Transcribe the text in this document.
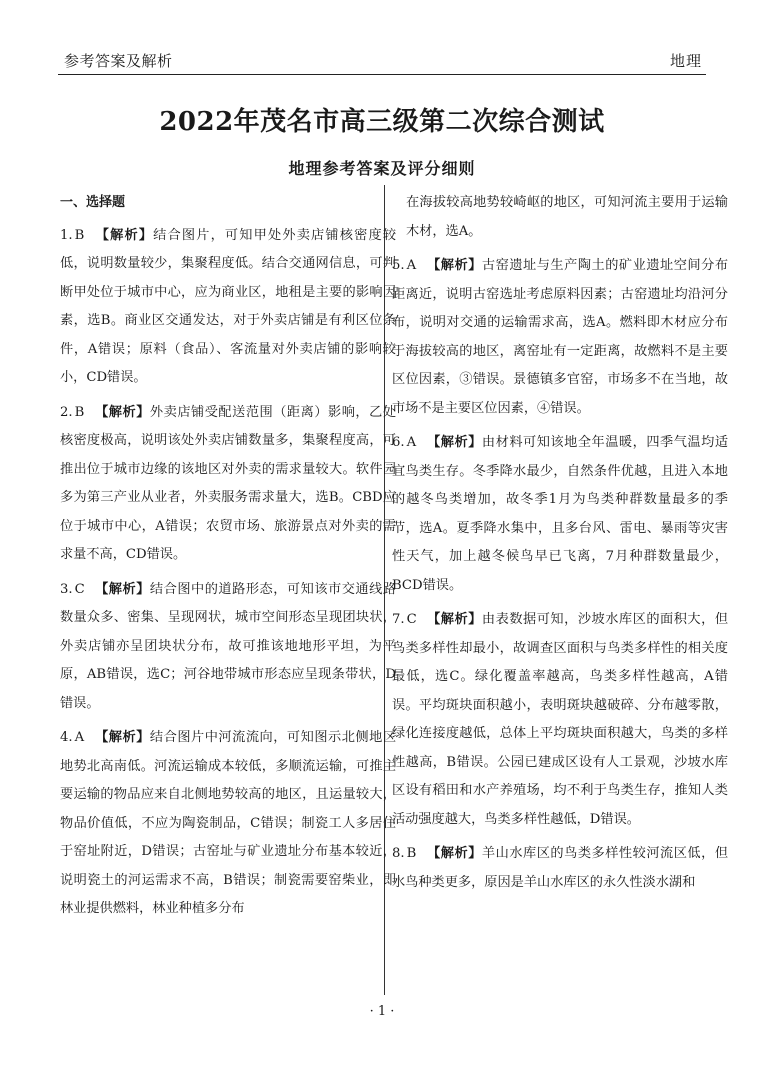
参考答案及解析	地理
2022年茂名市高三级第二次综合测试
地理参考答案及评分细则
一、选择题
1. B 【解析】结合图片，可知甲处外卖店铺核密度较低，说明数量较少，集聚程度低。结合交通网信息，可判断甲处位于城市中心，应为商业区，地租是主要的影响因素，选B。商业区交通发达，对于外卖店铺是有利区位条件，A错误；原料（食品）、客流量对外卖店铺的影响较小，CD错误。
2. B 【解析】外卖店铺受配送范围（距离）影响，乙处核密度极高，说明该处外卖店铺数量多，集聚程度高，可推出位于城市边缘的该地区对外卖的需求量较大。软件园多为第三产业从业者，外卖服务需求量大，选B。CBD应位于城市中心，A错误；农贸市场、旅游景点对外卖的需求量不高，CD错误。
3. C 【解析】结合图中的道路形态，可知该市交通线路数量众多、密集、呈现网状，城市空间形态呈现团块状，外卖店铺亦呈团块状分布，故可推该地地形平坦，为平原，AB错误，选C；河谷地带城市形态应呈现条带状，D错误。
4. A 【解析】结合图片中河流流向，可知图示北侧地区地势北高南低。河流运输成本较低，多顺流运输，可推主要运输的物品应来自北侧地势较高的地区，且运量较大，物品价值低，不应为陶瓷制品，C错误；制瓷工人多居住于窑址附近，D错误；古窑址与矿业遗址分布基本较近，说明瓷土的河运需求不高，B错误；制瓷需要窑柴业，即林业提供燃料，林业种植多分布
在海拔较高地势较崎岖的地区，可知河流主要用于运输木材，选A。
5. A 【解析】古窑遗址与生产陶土的矿业遗址空间分布距离近，说明古窑选址考虑原料因素；古窑遗址均沿河分布，说明对交通的运输需求高，选A。燃料即木材应分布于海拔较高的地区，离窑址有一定距离，故燃料不是主要区位因素，③错误。景德镇多官窑，市场多不在当地，故市场不是主要区位因素，④错误。
6. A 【解析】由材料可知该地全年温暖，四季气温均适宜鸟类生存。冬季降水最少，自然条件优越，且进入本地的越冬鸟类增加，故冬季1月为鸟类种群数量最多的季节，选A。夏季降水集中，且多台风、雷电、暴雨等灾害性天气，加上越冬候鸟早已飞离，7月种群数量最少，BCD错误。
7. C 【解析】由表数据可知，沙坡水库区的面积大，但鸟类多样性却最小，故调查区面积与鸟类多样性的相关度最低，选C。绿化覆盖率越高，鸟类多样性越高，A错误。平均斑块面积越小，表明斑块越破碎、分布越零散，绿化连接度越低，总体上平均斑块面积越大，鸟类的多样性越高，B错误。公园已建成区设有人工景观，沙坡水库区设有稻田和水产养殖场，均不利于鸟类生存，推知人类活动强度越大，鸟类多样性越低，D错误。
8. B 【解析】羊山水库区的鸟类多样性较河流区低，但水鸟种类更多，原因是羊山水库区的永久性淡水湖和
· 1 ·
